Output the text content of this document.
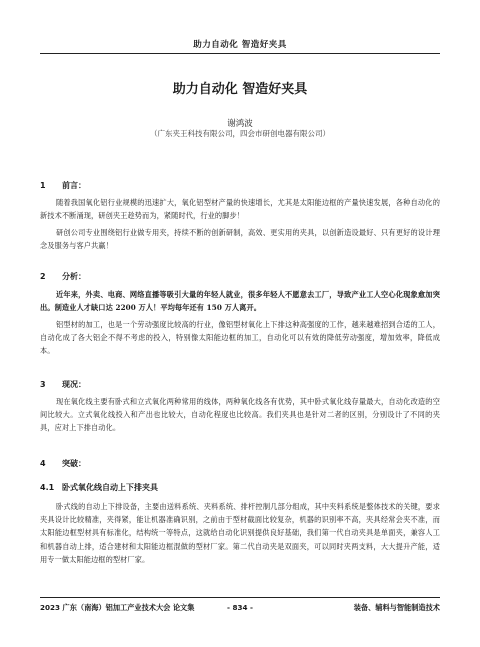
助力自动化 智造好夹具
助力自动化 智造好夹具
谢鸿波
（广东夹王科技有限公司，四会市研创电器有限公司）
1 前言：
随着我国氧化铝行业规模的迅速扩大，氧化铝型材产量的快速增长，尤其是太阳能边框的产量快速发展，各种自动化的新技术不断涌现，研创夹王趁势而为，紧随时代，行业的脚步！
研创公司专业围绕铝行业做专用夹，持续不断的创新研制，高效、更实用的夹具，以创新造设最好、只有更好的设计理念及服务与客户共赢！
2 分析：
近年来，外卖、电商、网络直播等吸引大量的年轻人就业，很多年轻人不愿意去工厂，导致产业工人空心化现象愈加突出。制造业人才缺口达 2200 万人！平均每年还有 150 万人离开。
铝型材的加工，也是一个劳动强度比较高的行业，像铝型材氧化上下排这种高强度的工作，越来越难招到合适的工人，自动化成了各大铝企不得不考虑的投入，特别像太阳能边框的加工，自动化可以有效的降低劳动强度，增加效率，降低成本。
3 现况：
现在氧化线主要有卧式和立式氧化两种常用的线体，两种氧化线各有优势，其中卧式氧化线存量最大，自动化改造的空间比较大。立式氧化线投入和产出也比较大，自动化程度也比较高。我们夹具也是针对二者的区别，分别设计了不同的夹具，应对上下排自动化。
4 突破：
4.1 卧式氧化线自动上下排夹具
卧式线的自动上下排设备，主要由送料系统、夹料系统、排杆控制几部分组成，其中夹料系统是整体技术的关键，要求夹具设计比较精准，夹得紧，能让机器准确识别，之前由于型材截面比较复杂，机器的识别率不高，夹具经常会夹不准，而太阳能边框型材具有标准化，结构统一等特点，这就给自动化识别提供良好基础，我们第一代自动夹具是单面夹，兼容人工和机器自动上排，适合建材和太阳能边框混做的型材厂家。第二代自动夹是双面夹，可以同时夹两支料，大大提升产能，适用专一做太阳能边框的型材厂家。
2023 广东（南海）铝加工产业技术大会 论文集	- 834 -	装备、辅料与智能制造技术
